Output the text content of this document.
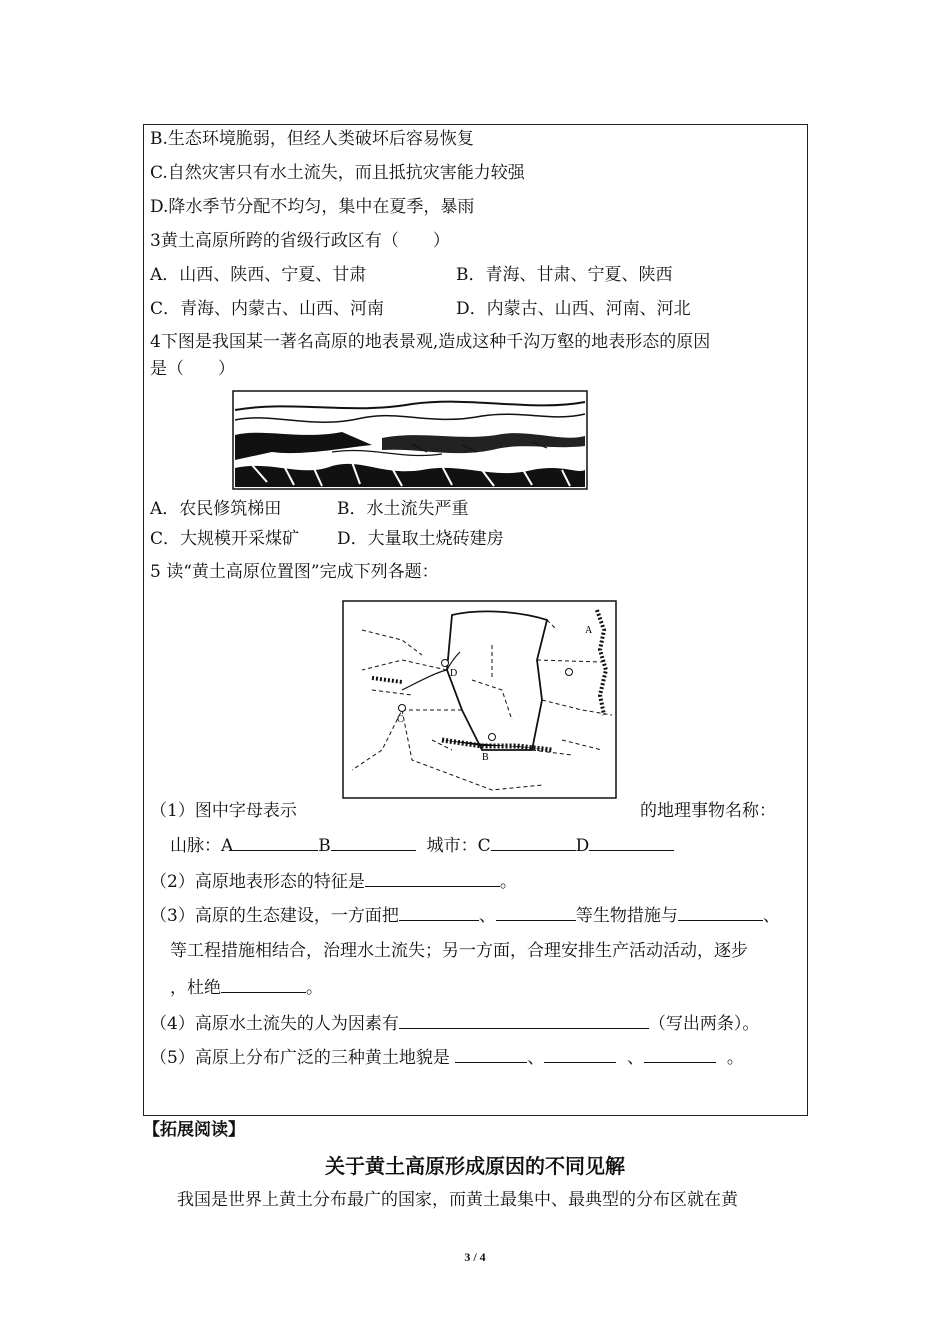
B.生态环境脆弱，但经人类破坏后容易恢复
C.自然灾害只有水土流失，而且抵抗灾害能力较强
D.降水季节分配不均匀，集中在夏季，暴雨
3黄土高原所跨的省级行政区有（　　）
A．山西、陕西、宁夏、甘肃	B．青海、甘肃、宁夏、陕西
C．青海、内蒙古、山西、河南	D．内蒙古、山西、河南、河北
4下图是我国某一著名高原的地表景观,造成这种千沟万壑的地表形态的原因
是（　　）
A．农民修筑梯田	B．水土流失严重
C．大规模开采煤矿 D．大量取土烧砖建房
5 读“黄土高原位置图”完成下列各题：
A
B
C
D
（1）图中字母表示	的地理事物名称：
山脉：A	B	城市：C	D
（2）高原地表形态的特征是	。
（3）高原的生态建设，一方面把	、	等生物措施与	、
等工程措施相结合，治理水土流失；另一方面，合理安排生产活动活动，逐步
，杜绝	。
（4）高原水土流失的人为因素有	（写出两条）。
（5）高原上分布广泛的三种黄土地貌是	、	、	。
【拓展阅读】
关于黄土高原形成原因的不同见解
我国是世界上黄土分布最广的国家，而黄土最集中、最典型的分布区就在黄
3 / 4
